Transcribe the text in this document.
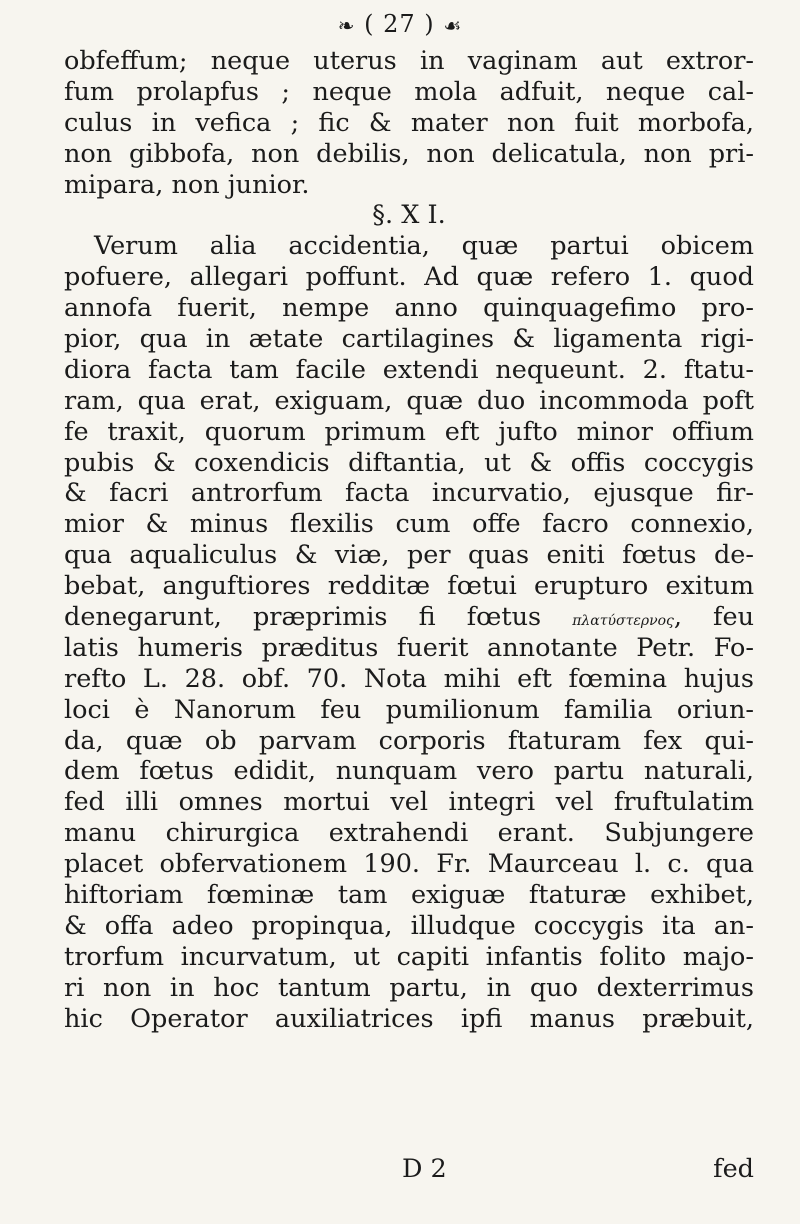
❧ ( 27 ) ☙
obfeffum; neque uterus in vaginam aut extror-
fum prolapfus ; neque mola adfuit, neque cal-
culus in vefica ; fic & mater non fuit morbofa,
non gibbofa, non debilis, non delicatula, non pri-
mipara, non junior.
§. X I.
Verum alia accidentia, quæ partui obicem
pofuere, allegari poffunt. Ad quæ refero 1. quod
annofa fuerit, nempe anno quinquagefimo pro-
pior, qua in ætate cartilagines & ligamenta rigi-
diora facta tam facile extendi nequeunt. 2. ftatu-
ram, qua erat, exiguam, quæ duo incommoda poft
fe traxit, quorum primum eft jufto minor offium
pubis & coxendicis diftantia, ut & offis coccygis
& facri antrorfum facta incurvatio, ejusque fir-
mior & minus flexilis cum offe facro connexio,
qua aqualiculus & viæ, per quas eniti fœtus de-
bebat, anguftiores redditæ fœtui erupturo exitum
denegarunt, præprimis fi fœtus πλατύστερνος, feu
latis humeris præditus fuerit annotante Petr. Fo-
refto L. 28. obf. 70. Nota mihi eft fœmina hujus
loci è Nanorum feu pumilionum familia oriun-
da, quæ ob parvam corporis ftaturam fex qui-
dem fœtus edidit, nunquam vero partu naturali,
fed illi omnes mortui vel integri vel fruftulatim
manu chirurgica extrahendi erant. Subjungere
placet obfervationem 190. Fr. Maurceau l. c. qua
hiftoriam fœminæ tam exiguæ ftaturæ exhibet,
& offa adeo propinqua, illudque coccygis ita an-
trorfum incurvatum, ut capiti infantis folito majo-
ri non in hoc tantum partu, in quo dexterrimus
hic Operator auxiliatrices ipfi manus præbuit,
D 2	fed
